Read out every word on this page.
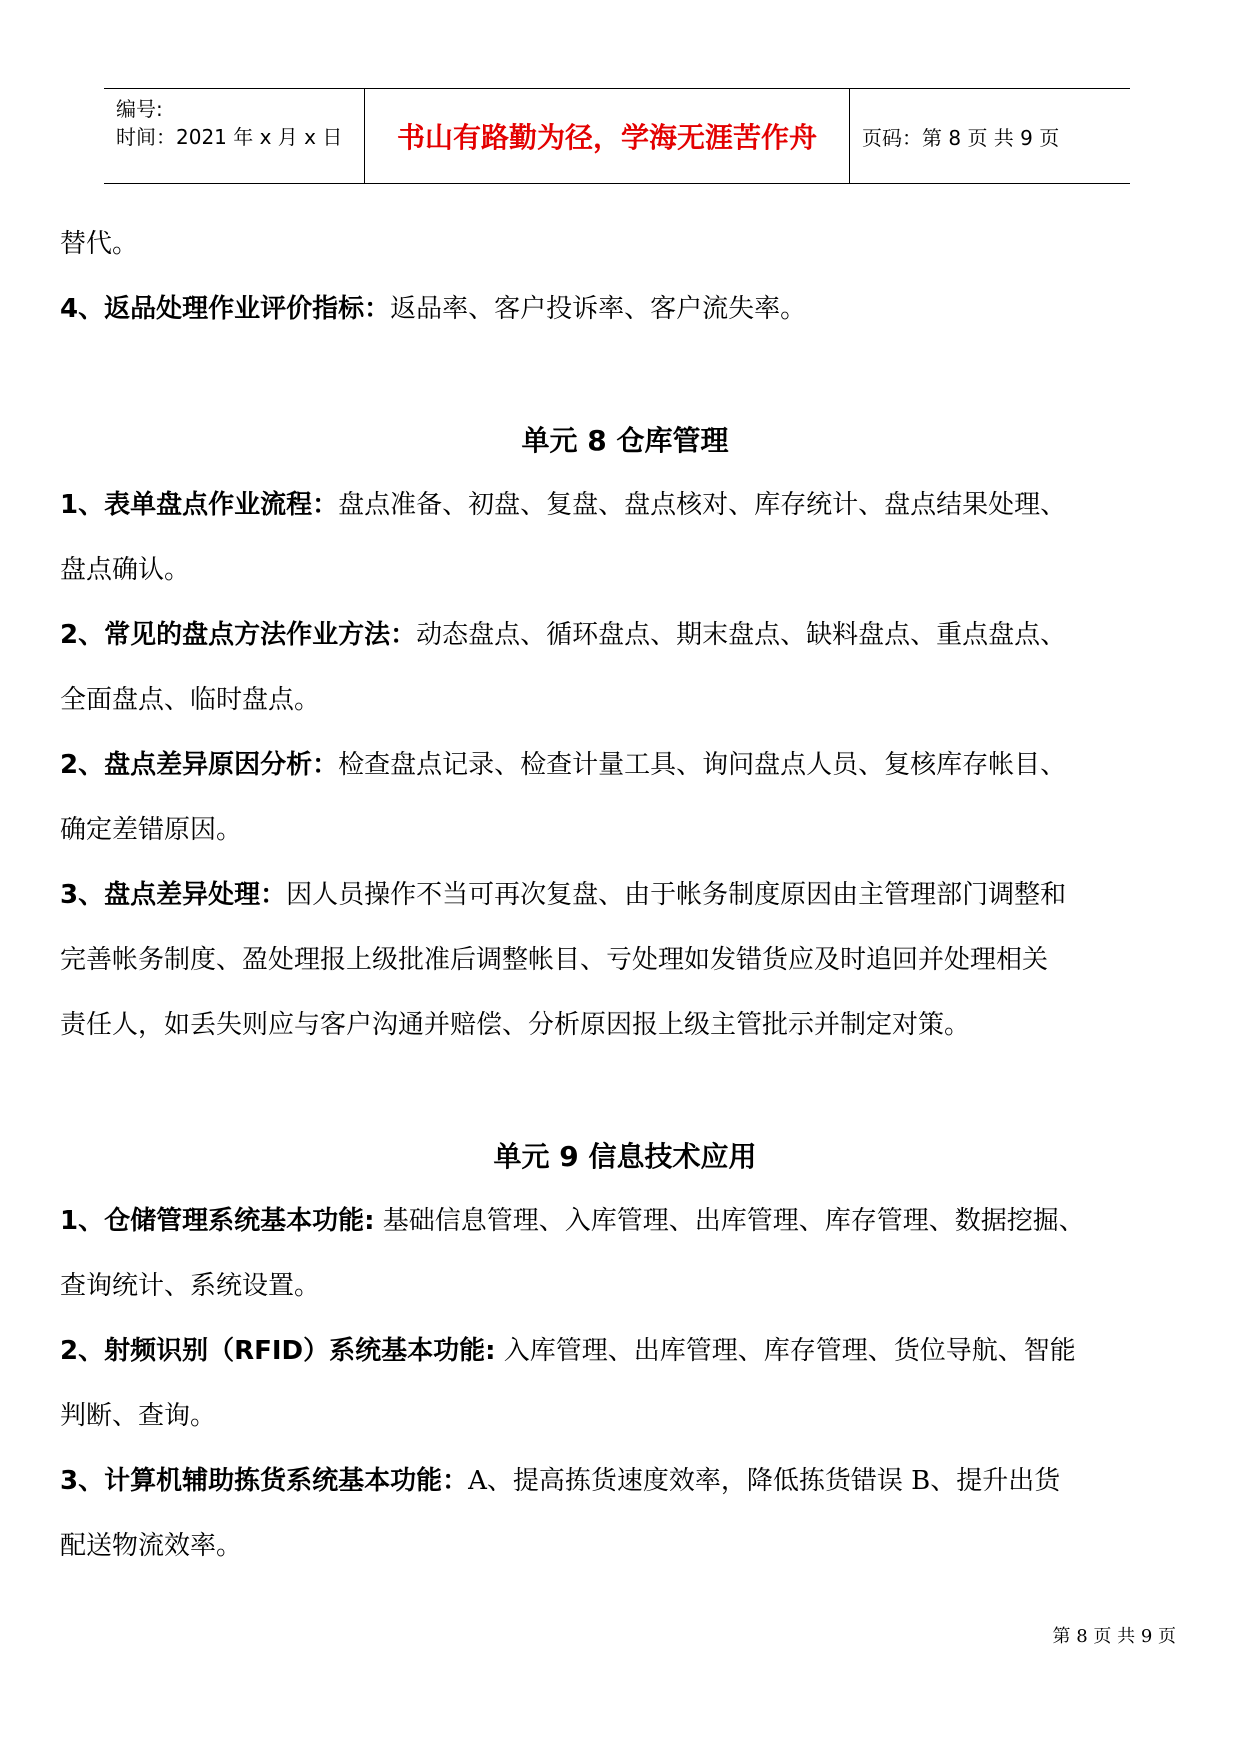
编号:
时间：2021 年 x 月 x 日	书山有路勤为径，学海无涯苦作舟	页码：第 8 页 共 9 页

替代。

4、返品处理作业评价指标：返品率、客户投诉率、客户流失率。

单元 8 仓库管理

1、表单盘点作业流程：盘点准备、初盘、复盘、盘点核对、库存统计、盘点结果处理、

盘点确认。

2、常见的盘点方法作业方法：动态盘点、循环盘点、期末盘点、缺料盘点、重点盘点、

全面盘点、临时盘点。

2、盘点差异原因分析：检查盘点记录、检查计量工具、询问盘点人员、复核库存帐目、

确定差错原因。

3、盘点差异处理：因人员操作不当可再次复盘、由于帐务制度原因由主管理部门调整和

完善帐务制度、盈处理报上级批准后调整帐目、亏处理如发错货应及时追回并处理相关

责任人，如丢失则应与客户沟通并赔偿、分析原因报上级主管批示并制定对策。

单元 9 信息技术应用

1、仓储管理系统基本功能: 基础信息管理、入库管理、出库管理、库存管理、数据挖掘、

查询统计、系统设置。

2、射频识别（RFID）系统基本功能: 入库管理、出库管理、库存管理、货位导航、智能

判断、查询。

3、计算机辅助拣货系统基本功能：A、提高拣货速度效率，降低拣货错误 B、提升出货

配送物流效率。

第 8 页 共 9 页
